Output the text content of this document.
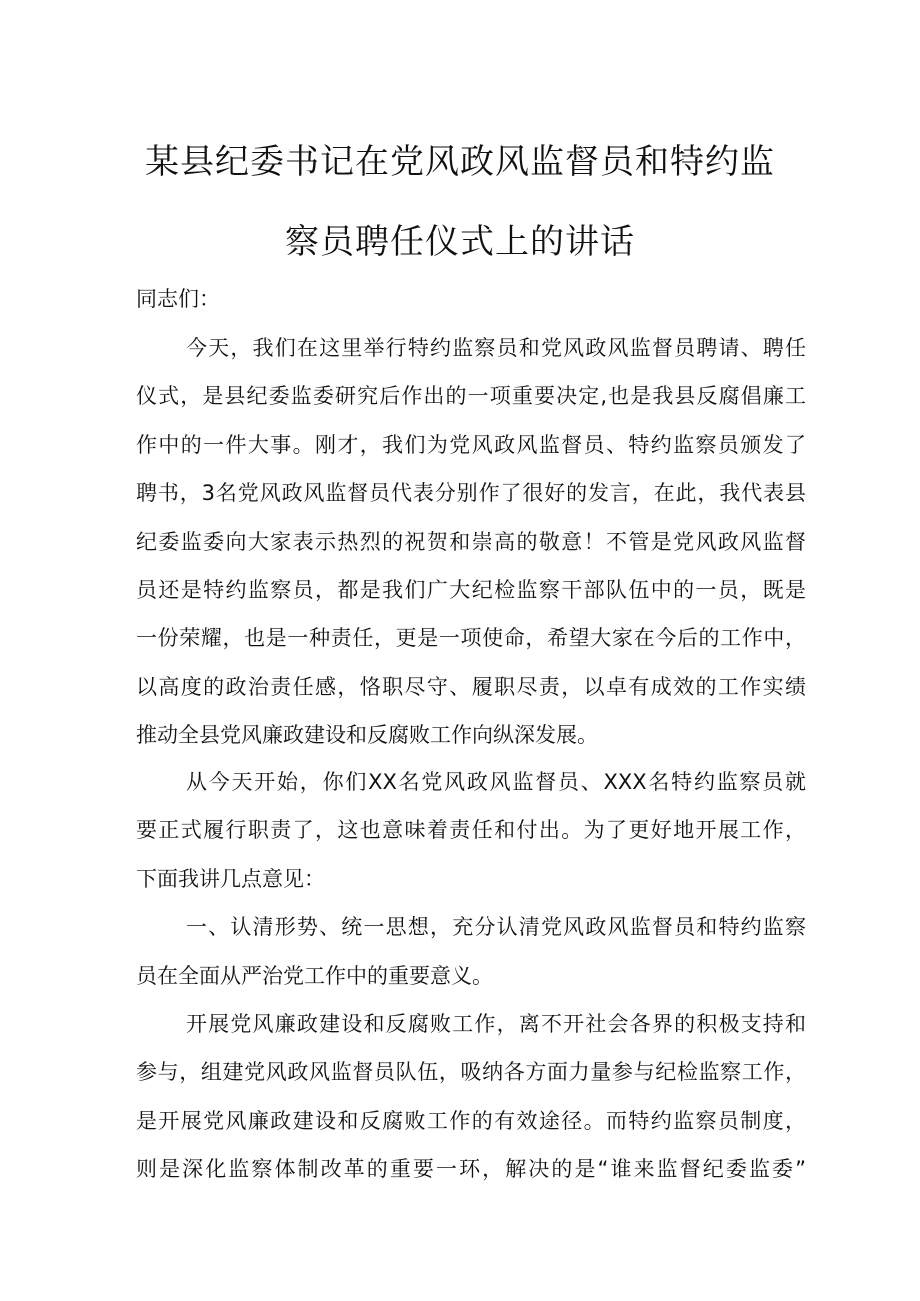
某县纪委书记在党风政风监督员和特约监
察员聘任仪式上的讲话
同志们：
今天，我们在这里举行特约监察员和党风政风监督员聘请、聘任
仪式，是县纪委监委研究后作出的一项重要决定,也是我县反腐倡廉工
作中的一件大事。刚才，我们为党风政风监督员、特约监察员颁发了
聘书，3名党风政风监督员代表分别作了很好的发言，在此，我代表县
纪委监委向大家表示热烈的祝贺和崇高的敬意！不管是党风政风监督
员还是特约监察员，都是我们广大纪检监察干部队伍中的一员，既是
一份荣耀，也是一种责任，更是一项使命，希望大家在今后的工作中，
以高度的政治责任感，恪职尽守、履职尽责，以卓有成效的工作实绩
推动全县党风廉政建设和反腐败工作向纵深发展。
从今天开始，你们XX名党风政风监督员、XXX名特约监察员就
要正式履行职责了，这也意味着责任和付出。为了更好地开展工作，
下面我讲几点意见：
一、认清形势、统一思想，充分认清党风政风监督员和特约监察
员在全面从严治党工作中的重要意义。
开展党风廉政建设和反腐败工作，离不开社会各界的积极支持和
参与，组建党风政风监督员队伍，吸纳各方面力量参与纪检监察工作，
是开展党风廉政建设和反腐败工作的有效途径。而特约监察员制度，
则是深化监察体制改革的重要一环，解决的是“谁来监督纪委监委”
